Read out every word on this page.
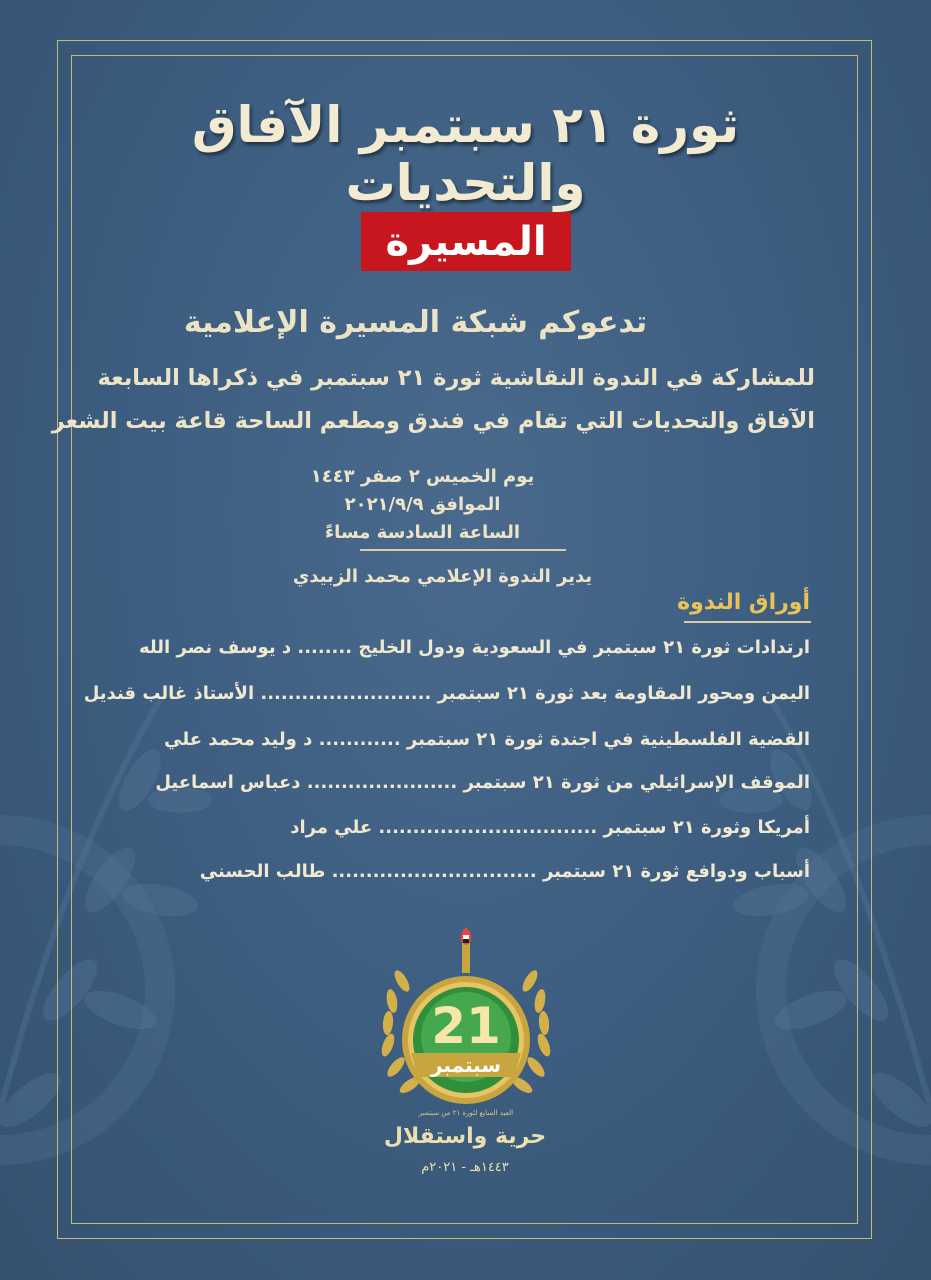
ثورة ٢١ سبتمبر الآفاق والتحديات
المسيرة
تدعوكم شبكة المسيرة الإعلامية
للمشاركة في الندوة النقاشية ثورة ٢١ سبتمبر في ذكراها السابعة
الآفاق والتحديات التي تقام في فندق ومطعم الساحة قاعة بيت الشعر
يوم الخميس ٢ صفر ١٤٤٣
الموافق ٢٠٢١/٩/٩
الساعة السادسة مساءً
يدير الندوة الإعلامي محمد الزبيدي
أوراق الندوة
ارتدادات ثورة ٢١ سبتمبر في السعودية ودول الخليج ........ د يوسف نصر الله
اليمن ومحور المقاومة بعد ثورة ٢١ سبتمبر ......................... الأستاذ غالب قنديل
القضية الفلسطينية في اجندة ثورة ٢١ سبتمبر ............ د وليد محمد علي
الموقف الإسرائيلي من ثورة ٢١ سبتمبر ...................... دعباس اسماعيل
أمريكا وثورة ٢١ سبتمبر ................................ علي مراد
أسباب ودوافع ثورة ٢١ سبتمبر .............................. طالب الحسني
21
سبتمبر
العيد السابع لثورة ٢١ من سبتمبر
حرية واستقلال
١٤٤٣هـ - ٢٠٢١م
